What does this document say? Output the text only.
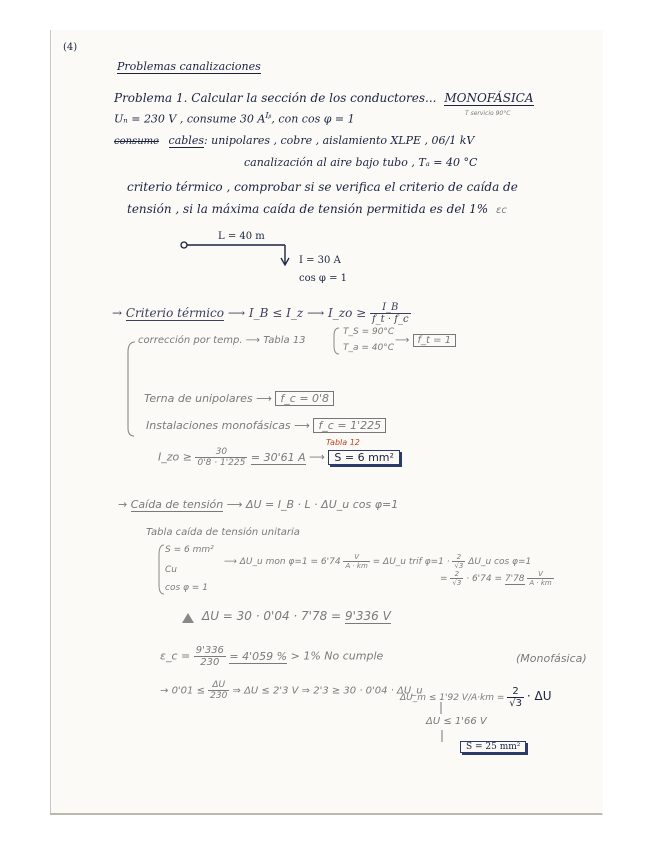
(4)
Problemas canalizaciones
Problema 1. Calcular la sección de los conductores... MONOFÁSICA
Uₙ = 230 V , consume 30 $A^{Iᵦ}$, con cos φ = 1	T servicio 90°C
consume cables: unipolares , cobre , aislamiento XLPE , 06/1 kV
canalización al aire bajo tubo , Tₐ = 40 °C
criterio térmico , comprobar si se verifica el criterio de caída de
tensión , si la máxima caída de tensión permitida es del 1% εc
L = 40 m
I = 30 A
cos φ = 1
→ Criterio térmico ⟶ I_B ≤ I_z ⟶ I_zo ≥ $\frac{I\_B}{f\_t \cdot f\_c}$
corrección por temp. ⟶ Tabla 13
T_S = 90°C
T_a = 40°C
⟶ f_t = 1
Terna de unipolares ⟶ f_c = 0'8
Instalaciones monofásicas ⟶ f_c = 1'225
Tabla 12
I_zo ≥ $\frac{30}{0'8 \cdot 1'225} = 30'61$ A ⟶ S = 6 mm²
→ Caída de tensión ⟶ ΔU = I_B · L · ΔU_u cos φ=1
Tabla caída de tensión unitaria
S = 6 mm²
Cu
cos φ = 1
⟶ ΔU_u mon $\varphi=1 = 6'74 \frac{V}{A \cdot km}$ = ΔU_u trif $\varphi=1 \cdot \frac{2}{√3}$ ΔU_u cos φ=1
= $\frac{2}{√3} \cdot 6'74 = 7'78 \frac{V}{A \cdot km}$
ΔU = 30 · 0'04 · 7'78 = 9'336 V
ε_c = $\frac{9'336}{230} = 4'059$ % > 1% No cumple	(Monofásica)
→ $0'01 \le \frac{\Delta U}{230}$ ⇒ ΔU ≤ 2'3 V ⇒ 2'3 ≥ 30 · 0'04 · ΔU_u
ΔU_m ≤ 1'92 $V/A\cdot km = \frac{2}{√3} \cdot \Delta U$
ΔU ≤ 1'66 V
S = 25 mm²
